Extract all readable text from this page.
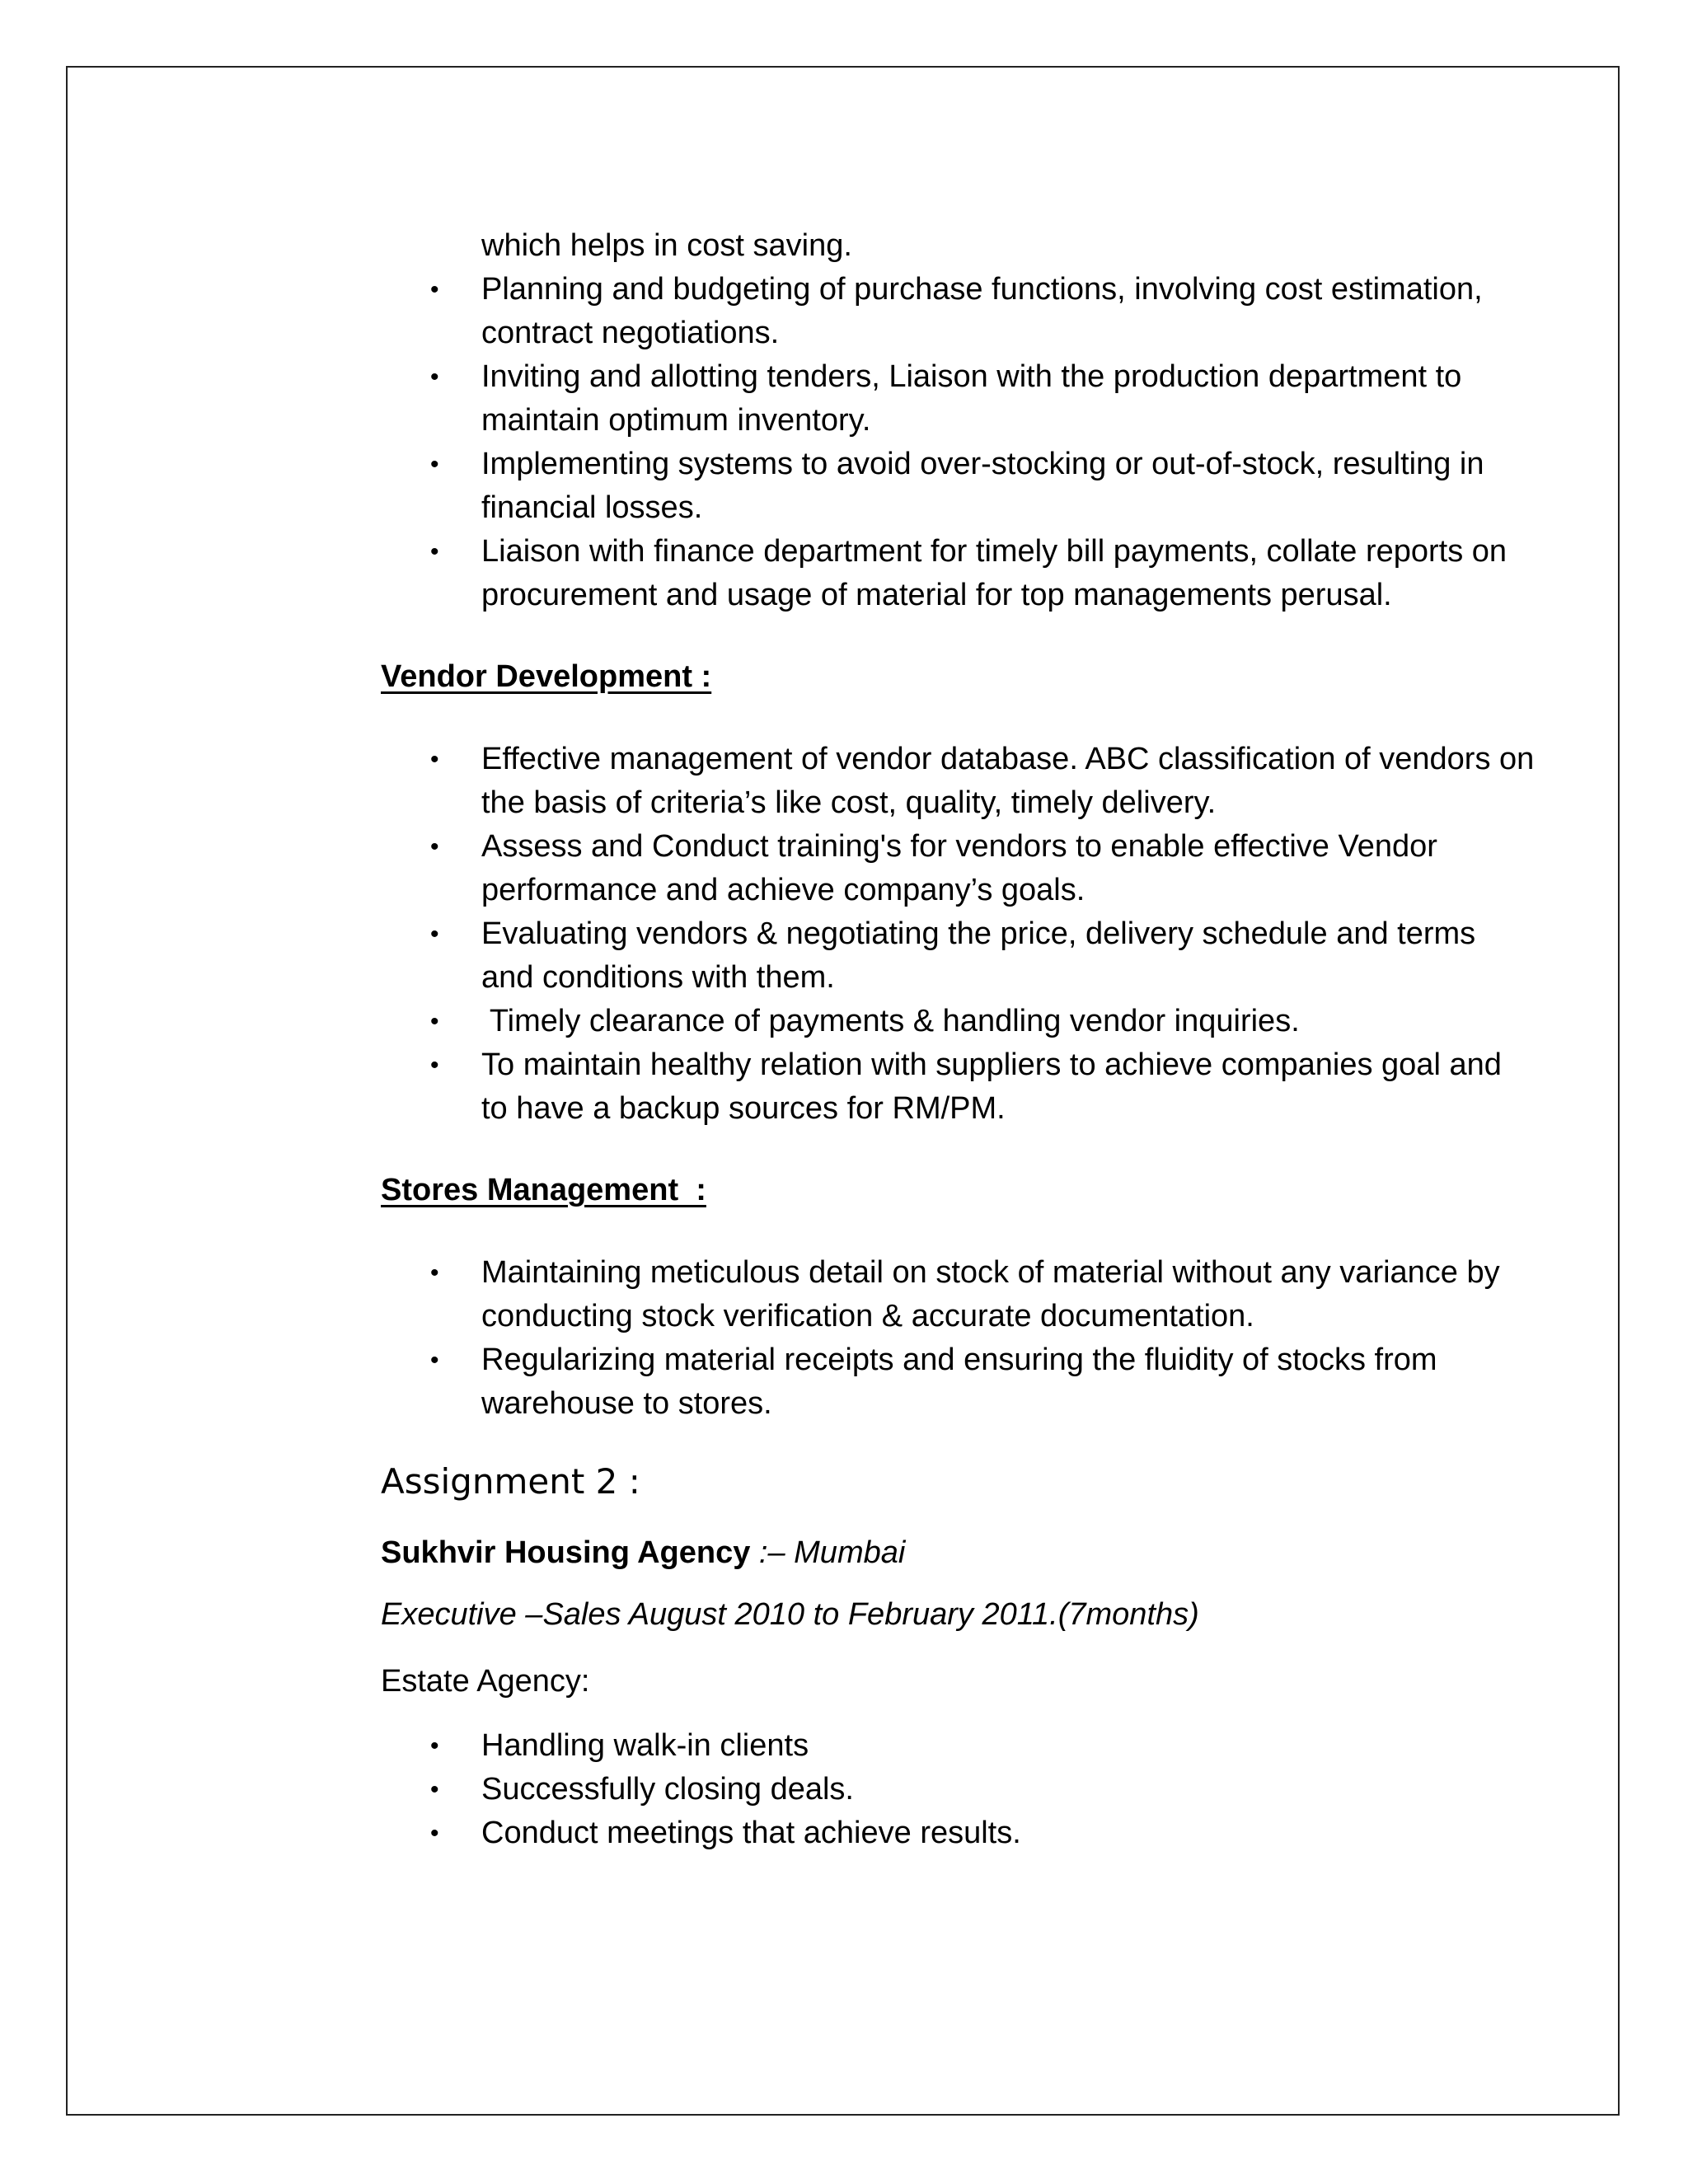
which helps in cost saving.
• Planning and budgeting of purchase functions, involving cost estimation, contract negotiations.
• Inviting and allotting tenders, Liaison with the production department to maintain optimum inventory.
• Implementing systems to avoid over-stocking or out-of-stock, resulting in financial losses.
• Liaison with finance department for timely bill payments, collate reports on procurement and usage of material for top managements perusal.
Vendor Development :
• Effective management of vendor database. ABC classification of vendors on the basis of criteria’s like cost, quality, timely delivery.
• Assess and Conduct training's for vendors to enable effective Vendor performance and achieve company’s goals.
• Evaluating vendors & negotiating the price, delivery schedule and terms and conditions with them.
• Timely clearance of payments & handling vendor inquiries.
• To maintain healthy relation with suppliers to achieve companies goal and to have a backup sources for RM/PM.
Stores Management  :
• Maintaining meticulous detail on stock of material without any variance by conducting stock verification & accurate documentation.
• Regularizing material receipts and ensuring the fluidity of stocks from warehouse to stores.
Assignment 2 :
Sukhvir Housing Agency :– Mumbai
Executive –Sales August 2010 to February 2011.(7months)
Estate Agency:
• Handling walk-in clients
• Successfully closing deals.
• Conduct meetings that achieve results.
